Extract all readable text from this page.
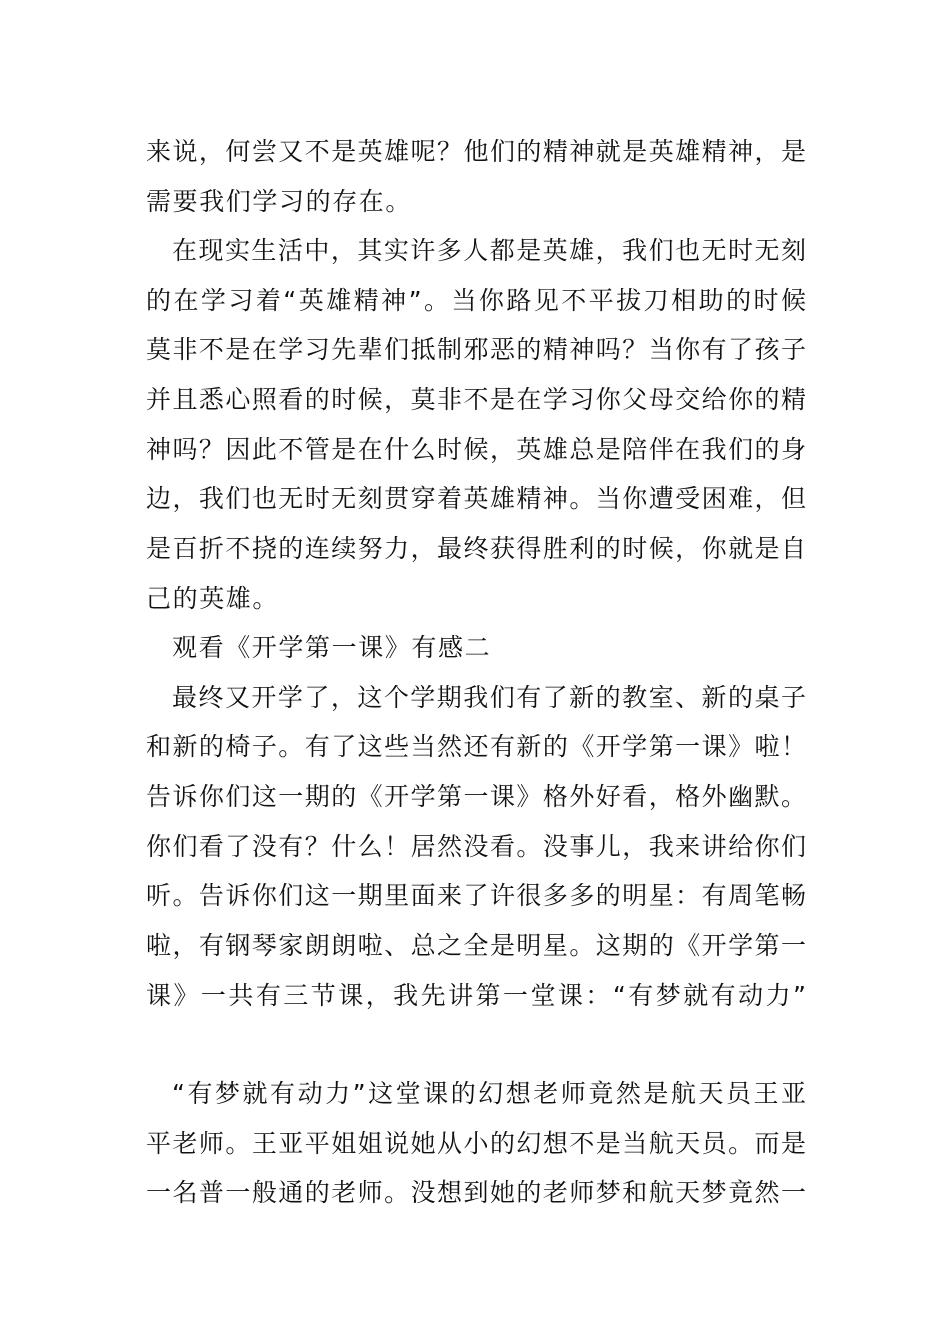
来说，何尝又不是英雄呢？他们的精神就是英雄精神，是
需要我们学习的存在。
在现实生活中，其实许多人都是英雄，我们也无时无刻
的在学习着“英雄精神”。当你路见不平拔刀相助的时候
莫非不是在学习先辈们抵制邪恶的精神吗？当你有了孩子
并且悉心照看的时候，莫非不是在学习你父母交给你的精
神吗？因此不管是在什么时候，英雄总是陪伴在我们的身
边，我们也无时无刻贯穿着英雄精神。当你遭受困难，但
是百折不挠的连续努力，最终获得胜利的时候，你就是自
己的英雄。
观看《开学第一课》有感二
最终又开学了，这个学期我们有了新的教室、新的桌子
和新的椅子。有了这些当然还有新的《开学第一课》啦！
告诉你们这一期的《开学第一课》格外好看，格外幽默。
你们看了没有？什么！居然没看。没事儿，我来讲给你们
听。告诉你们这一期里面来了许很多多的明星：有周笔畅
啦，有钢琴家朗朗啦、总之全是明星。这期的《开学第一
课》一共有三节课，我先讲第一堂课：“有梦就有动力”
“有梦就有动力”这堂课的幻想老师竟然是航天员王亚
平老师。王亚平姐姐说她从小的幻想不是当航天员。而是
一名普一般通的老师。没想到她的老师梦和航天梦竟然一
